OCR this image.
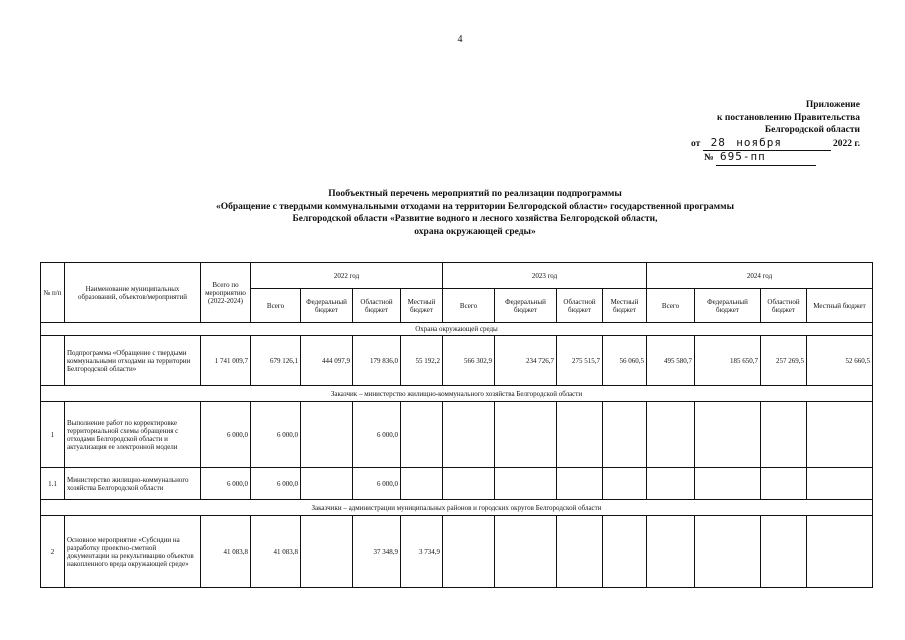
4
Приложение
к постановлению Правительства
Белгородской области
от 28 ноября	2022 г.
№ 695-пп
Пообъектный перечень мероприятий по реализации подпрограммы
«Обращение с твердыми коммунальными отходами на территории Белгородской области» государственной программы
Белгородской области «Развитие водного и лесного хозяйства Белгородской области,
охрана окружающей среды»
№ п/п	Наименование муниципальных образований, объектов/мероприятий	Всего по мероприятию (2022-2024)	2022 год				2023 год				2024 год			
			Всего	Федеральный бюджет	Областной бюджет	Местный бюджет	Всего	Федеральный бюджет	Областной бюджет	Местный бюджет	Всего	Федеральный бюджет	Областной бюджет	Местный бюджет
Охрана окружающей среды														
	Подпрограмма «Обращение с твердыми коммунальными отходами на территории Белгородской области»	1 741 009,7	679 126,1	444 097,9	179 836,0	55 192,2	566 302,9	234 726,7	275 515,7	56 060,5	495 580,7	185 650,7	257 269,5	52 660,5
Заказчик – министерство жилищно-коммунального хозяйства Белгородской области														
1	Выполнение работ по корректировке территориальной схемы обращения с отходами Белгородской области и актуализация ее электронной модели	6 000,0	6 000,0		6 000,0									
1.1	Министерство жилищно-коммунального хозяйства Белгородской области	6 000,0	6 000,0		6 000,0									
Заказчики – администрации муниципальных районов и городских округов Белгородской области														
2	Основное мероприятие «Субсидии на разработку проектно-сметной документации на рекультивацию объектов накопленного вреда окружающей среде»	41 083,8	41 083,8		37 348,9	3 734,9								
